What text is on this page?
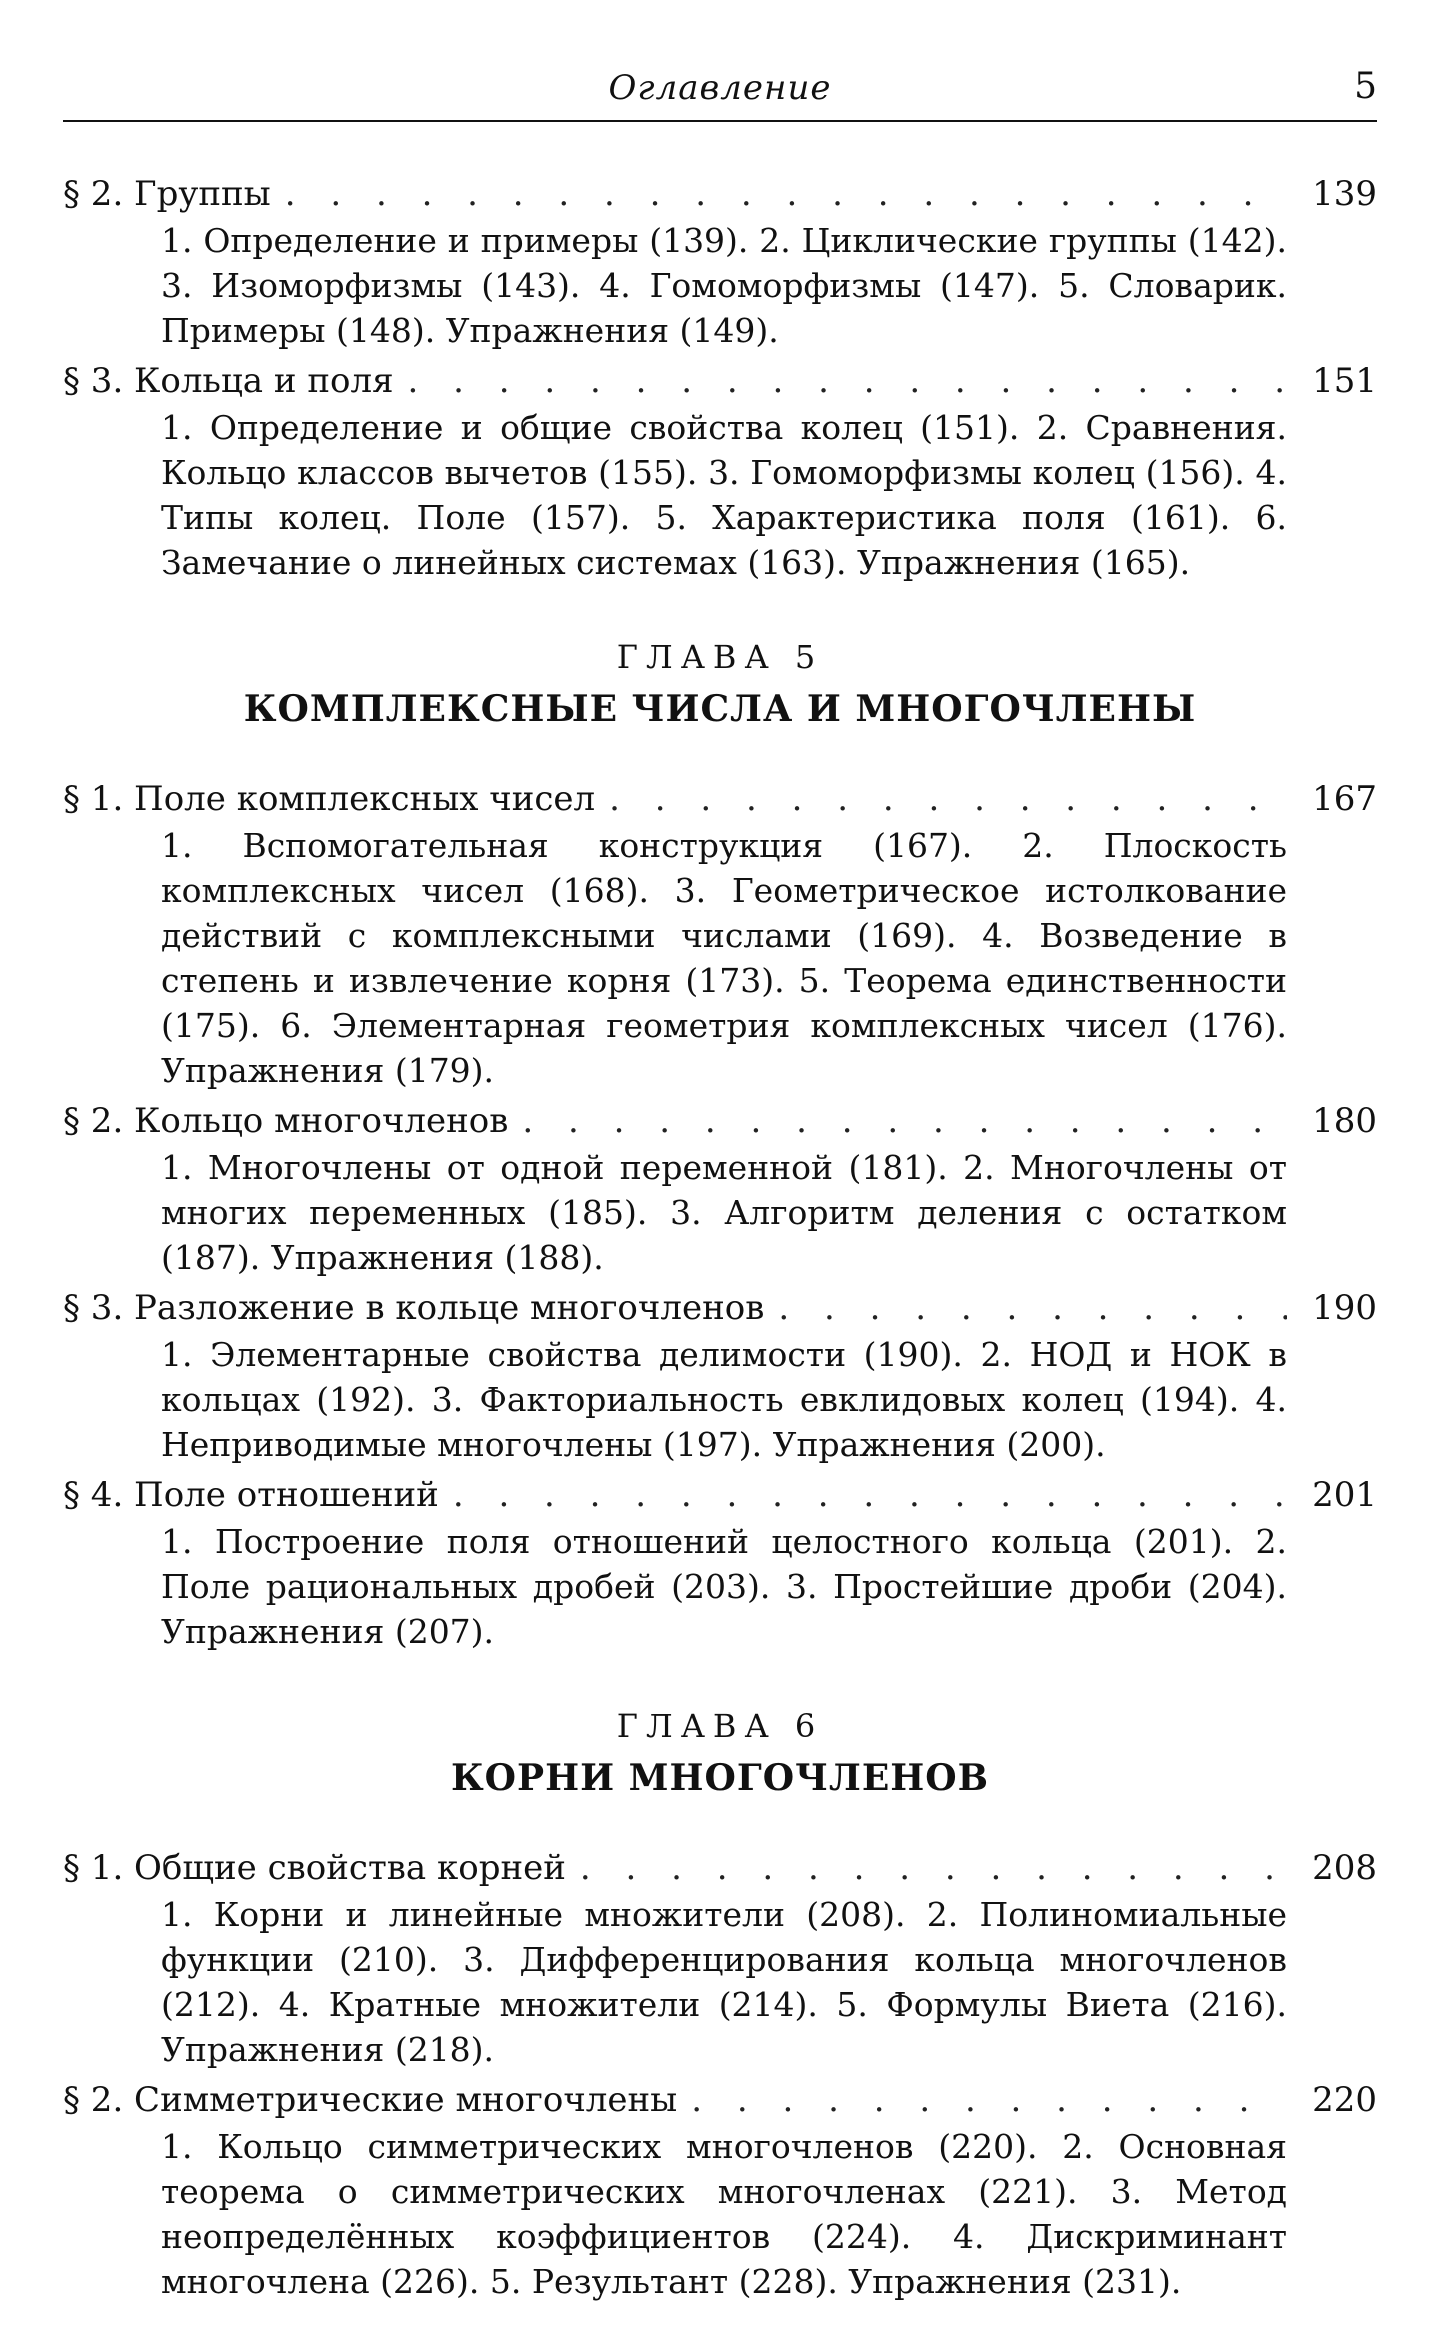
Оглавление	5
§ 2. Группы . . .	139
1. Определение и примеры (139). 2. Циклические группы (142). 3. Изоморфизмы (143). 4. Гомоморфизмы (147). 5. Словарик. Примеры (148). Упражнения (149).
§ 3. Кольца и поля . . .	151
1. Определение и общие свойства колец (151). 2. Сравнения. Кольцо классов вычетов (155). 3. Гомоморфизмы колец (156). 4. Типы колец. Поле (157). 5. Характеристика поля (161). 6. Замечание о линейных системах (163). Упражнения (165).
ГЛАВА 5
КОМПЛЕКСНЫЕ ЧИСЛА И МНОГОЧЛЕНЫ
§ 1. Поле комплексных чисел . . .	167
1. Вспомогательная конструкция (167). 2. Плоскость комплексных чисел (168). 3. Геометрическое истолкование действий с комплексными числами (169). 4. Возведение в степень и извлечение корня (173). 5. Теорема единственности (175). 6. Элементарная геометрия комплексных чисел (176). Упражнения (179).
§ 2. Кольцо многочленов . . .	180
1. Многочлены от одной переменной (181). 2. Многочлены от многих переменных (185). 3. Алгоритм деления с остатком (187). Упражнения (188).
§ 3. Разложение в кольце многочленов . . .	190
1. Элементарные свойства делимости (190). 2. НОД и НОК в кольцах (192). 3. Факториальность евклидовых колец (194). 4. Неприводимые многочлены (197). Упражнения (200).
§ 4. Поле отношений . . .	201
1. Построение поля отношений целостного кольца (201). 2. Поле рациональных дробей (203). 3. Простейшие дроби (204). Упражнения (207).
ГЛАВА 6
КОРНИ МНОГОЧЛЕНОВ
§ 1. Общие свойства корней . . .	208
1. Корни и линейные множители (208). 2. Полиномиальные функции (210). 3. Дифференцирования кольца многочленов (212). 4. Кратные множители (214). 5. Формулы Виета (216). Упражнения (218).
§ 2. Симметрические многочлены . . .	220
1. Кольцо симметрических многочленов (220). 2. Основная теорема о симметрических многочленах (221). 3. Метод неопределённых коэффициентов (224). 4. Дискриминант многочлена (226). 5. Результант (228). Упражнения (231).
